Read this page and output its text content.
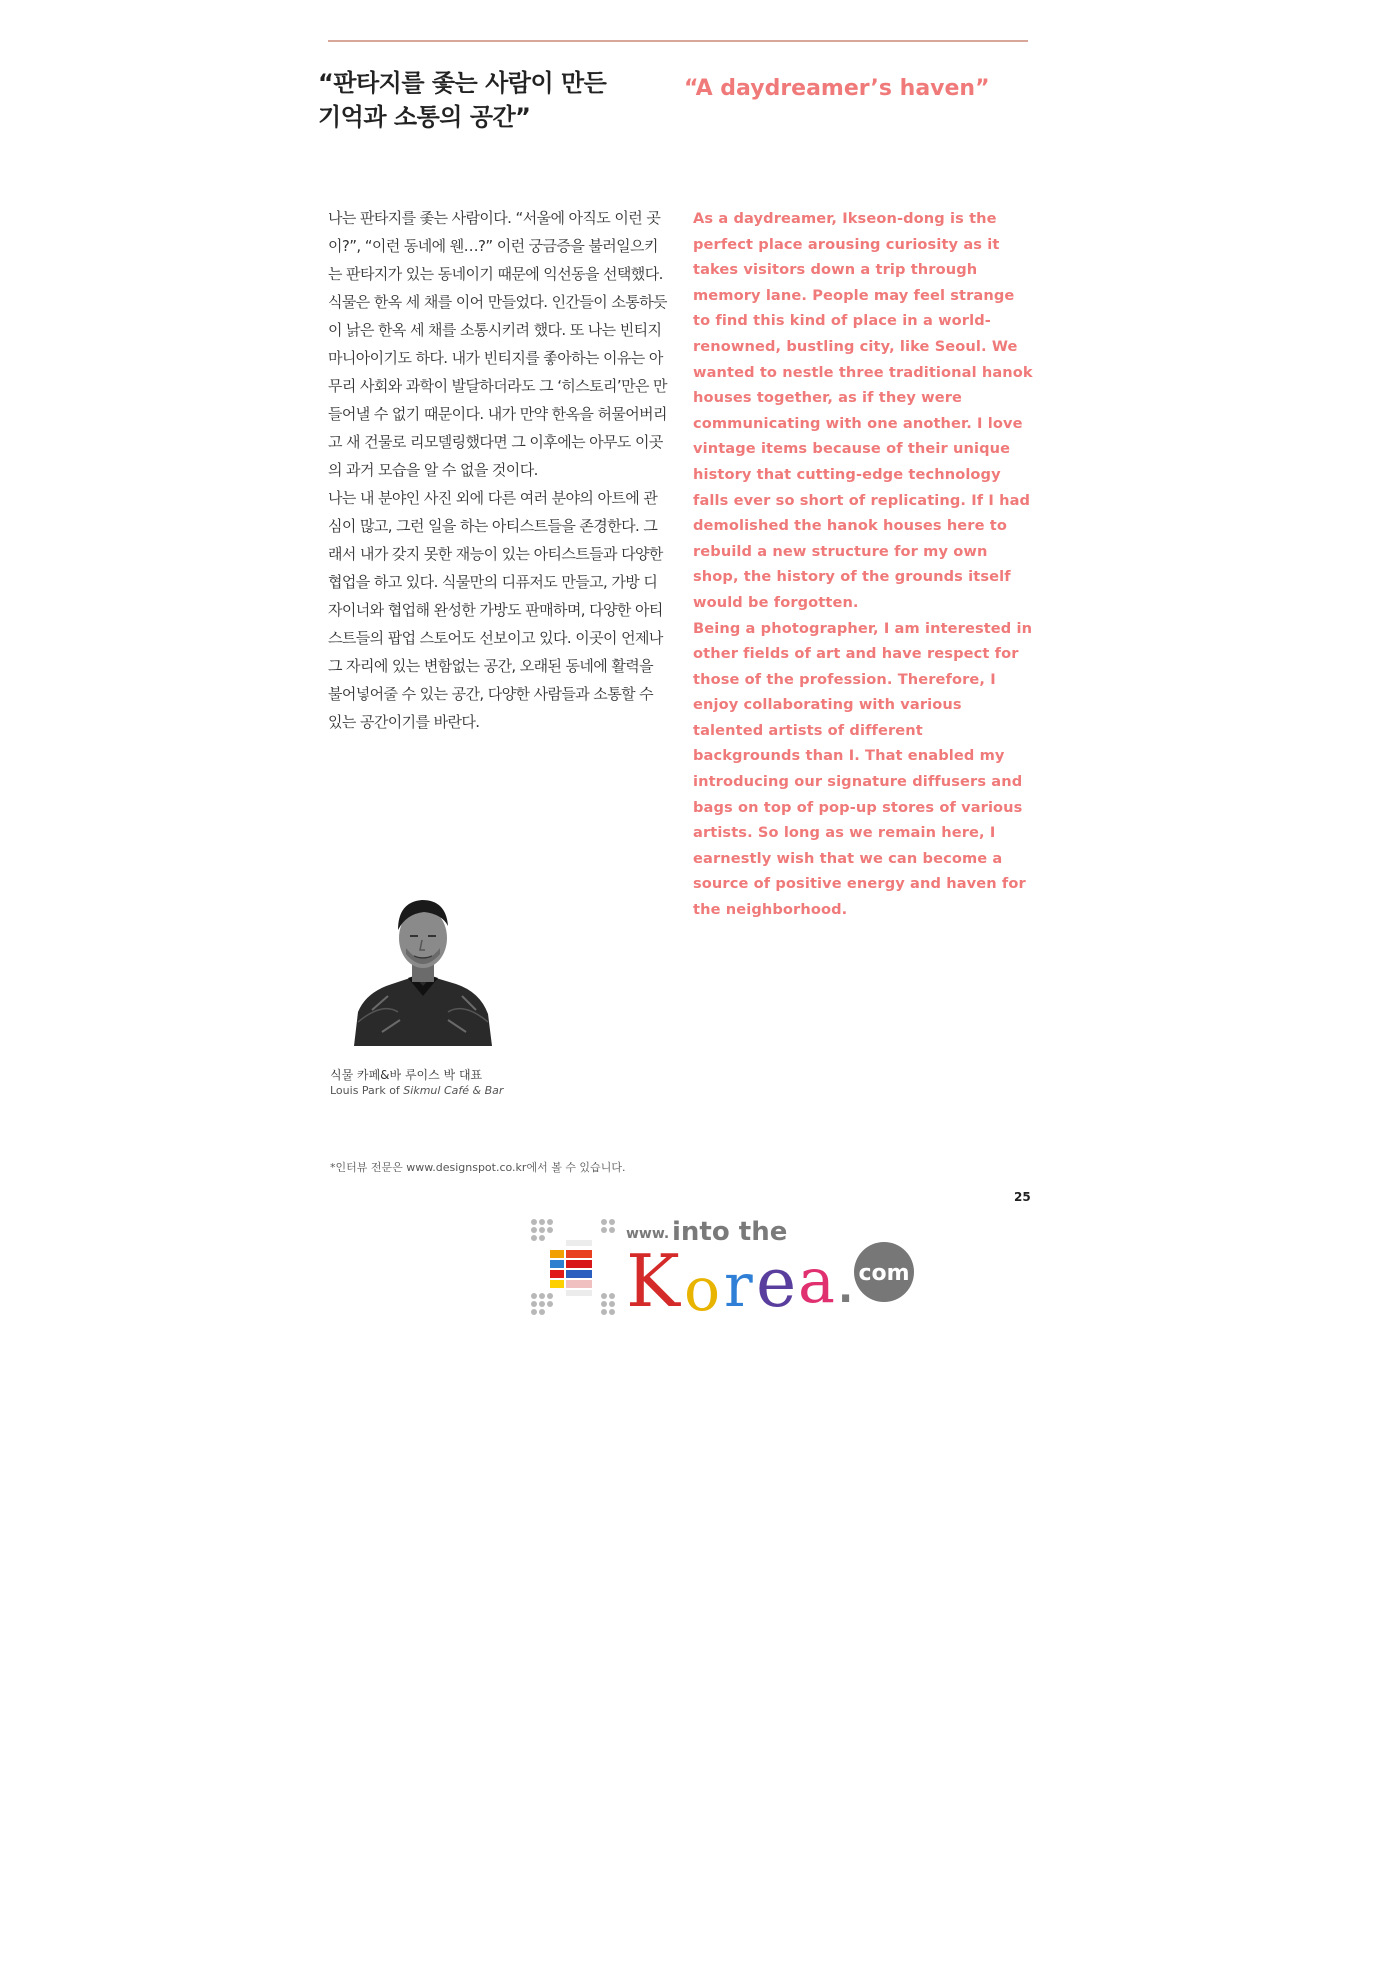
“판타지를 좇는 사람이 만든
기억과 소통의 공간”
“A daydreamer’s haven”

나는 판타지를 좇는 사람이다. “서울에 아직도 이런 곳이?”, “이런 동네에 웬…?” 이런 궁금증을 불러일으키는 판타지가 있는 동네이기 때문에 익선동을 선택했다. 식물은 한옥 세 채를 이어 만들었다. 인간들이 소통하듯이 낡은 한옥 세 채를 소통시키려 했다. 또 나는 빈티지 마니아이기도 하다. 내가 빈티지를 좋아하는 이유는 아무리 사회와 과학이 발달하더라도 그 ‘히스토리’만은 만들어낼 수 없기 때문이다. 내가 만약 한옥을 허물어버리고 새 건물로 리모델링했다면 그 이후에는 아무도 이곳의 과거 모습을 알 수 없을 것이다.

나는 내 분야인 사진 외에 다른 여러 분야의 아트에 관심이 많고, 그런 일을 하는 아티스트들을 존경한다. 그래서 내가 갖지 못한 재능이 있는 아티스트들과 다양한 협업을 하고 있다. 식물만의 디퓨저도 만들고, 가방 디자이너와 협업해 완성한 가방도 판매하며, 다양한 아티스트들의 팝업 스토어도 선보이고 있다. 이곳이 언제나 그 자리에 있는 변함없는 공간, 오래된 동네에 활력을 불어넣어줄 수 있는 공간, 다양한 사람들과 소통할 수 있는 공간이기를 바란다.

As a daydreamer, Ikseon-dong is the perfect place arousing curiosity as it takes visitors down a trip through memory lane. People may feel strange to find this kind of place in a world-renowned, bustling city, like Seoul. We wanted to nestle three traditional hanok houses together, as if they were communicating with one another. I love vintage items because of their unique history that cutting-edge technology falls ever so short of replicating. If I had demolished the hanok houses here to rebuild a new structure for my own shop, the history of the grounds itself would be forgotten.

Being a photographer, I am interested in other fields of art and have respect for those of the profession. Therefore, I enjoy collaborating with various talented artists of different backgrounds than I. That enabled my introducing our signature diffusers and bags on top of pop-up stores of various artists. So long as we remain here, I earnestly wish that we can become a source of positive energy and haven for the neighborhood.

식물 카페&바 루이스 박 대표
Louis Park of Sikmul Café & Bar
*인터뷰 전문은 www.designspot.co.kr에서 볼 수 있습니다.
25
www. into the
K o r e a . com
